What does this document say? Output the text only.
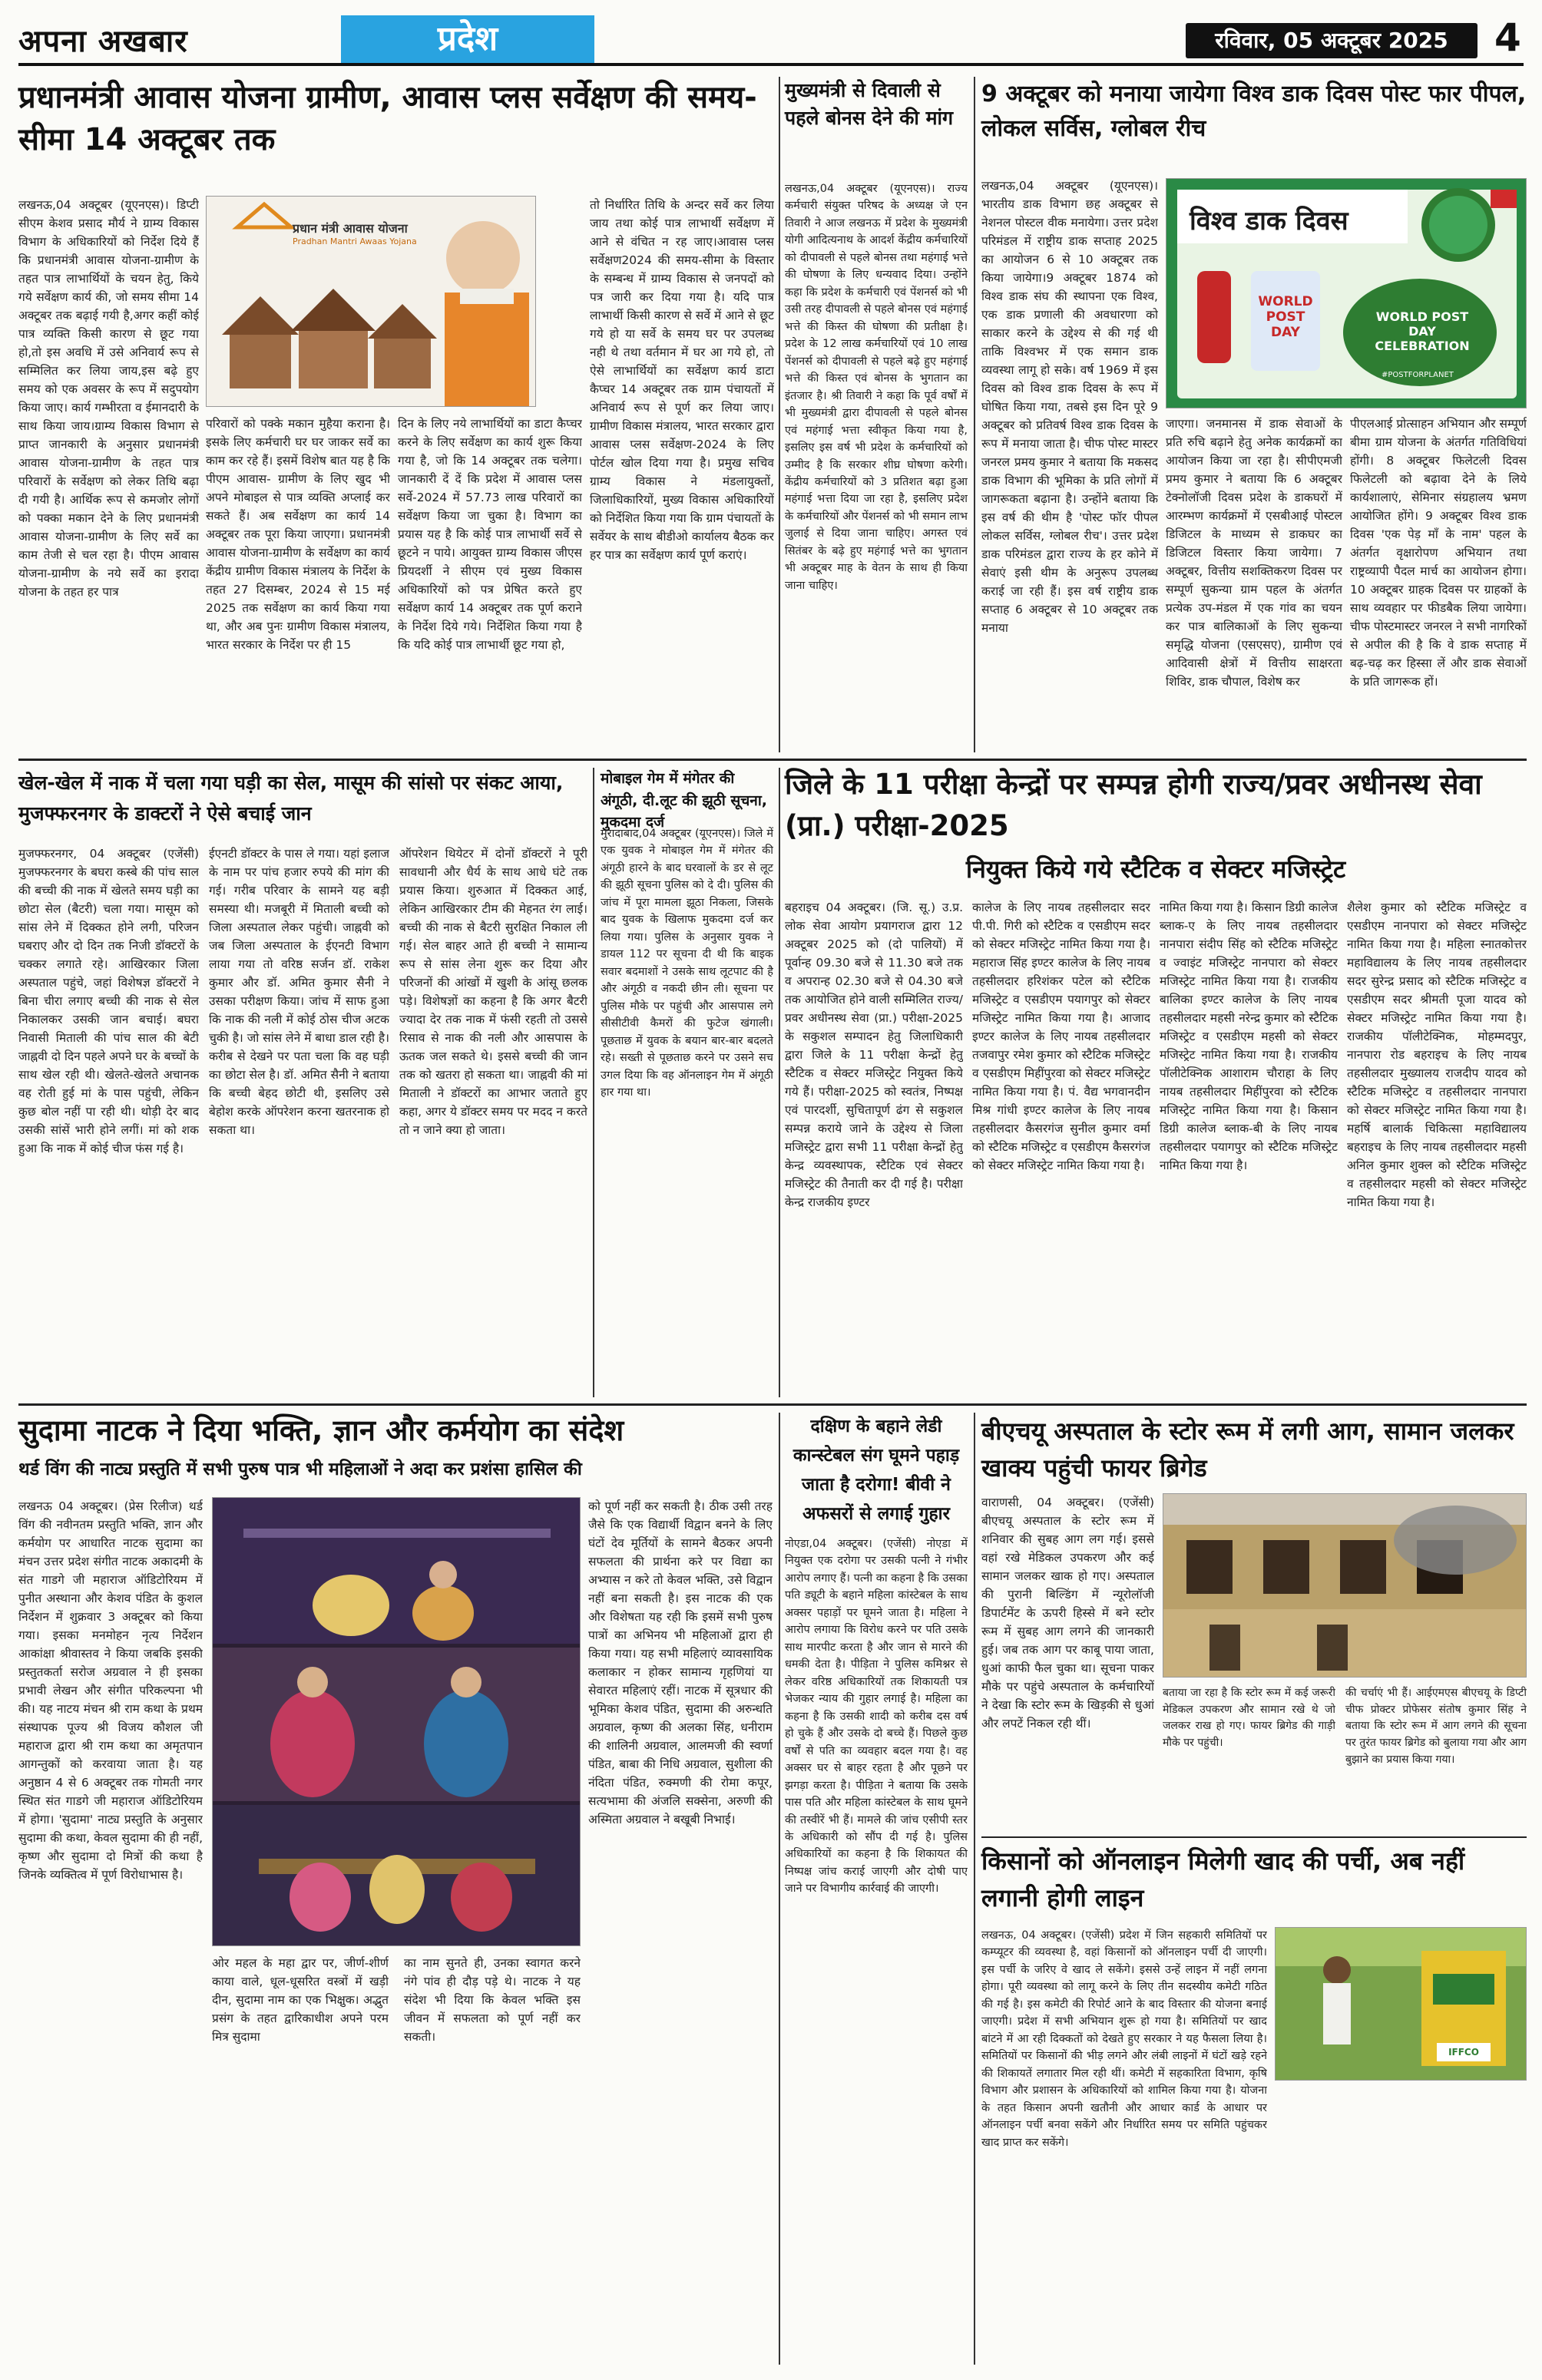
अपना अखबार	प्रदेश	रविवार, 05 अक्टूबर 2025	4
प्रधानमंत्री आवास योजना ग्रामीण, आवास प्लस सर्वेक्षण की समय-सीमा 14 अक्टूबर तक
प्रधान मंत्री आवास योजना
Pradhan Mantri Awaas Yojana
लखनऊ,04 अक्टूबर (यूएनएस)। डिप्टी सीएम केशव प्रसाद मौर्य ने ग्राम्य विकास विभाग के अधिकारियों को निर्देश दिये हैं कि प्रधानमंत्री आवास योजना-ग्रामीण के तहत पात्र लाभार्थियों के चयन हेतु, किये गये सर्वेक्षण कार्य की, जो समय सीमा 14 अक्टूबर तक बढ़ाई गयी है,अगर कहीं कोई पात्र व्यक्ति किसी कारण से छूट गया हो,तो इस अवधि में उसे अनिवार्य रूप से सम्मिलित कर लिया जाय,इस बढ़े हुए समय को एक अवसर के रूप में सदुपयोग किया जाए। कार्य गम्भीरता व ईमानदारी के साथ किया जाय।ग्राम्य विकास विभाग से प्राप्त जानकारी के अनुसार प्रधानमंत्री आवास योजना-ग्रामीण के तहत पात्र परिवारों के सर्वेक्षण को लेकर तिथि बढ़ा दी गयी है। आर्थिक रूप से कमजोर लोगों को पक्का मकान देने के लिए प्रधानमंत्री आवास योजना-ग्रामीण के लिए सर्वे का काम तेजी से चल रहा है। पीएम आवास योजना-ग्रामीण के नये सर्वे का इरादा योजना के तहत हर पात्र
परिवारों को पक्के मकान मुहैया कराना है। इसके लिए कर्मचारी घर घर जाकर सर्वे का काम कर रहे हैं। इसमें विशेष बात यह है कि पीएम आवास- ग्रामीण के लिए खुद भी अपने मोबाइल से पात्र व्यक्ति अप्लाई कर सकते हैं। अब सर्वेक्षण का कार्य 14 अक्टूबर तक पूरा किया जाएगा। प्रधानमंत्री आवास योजना-ग्रामीण के सर्वेक्षण का कार्य केंद्रीय ग्रामीण विकास मंत्रालय के निर्देश के तहत 27 दिसम्बर, 2024 से 15 मई 2025 तक सर्वेक्षण का कार्य किया गया था, और अब पुनः ग्रामीण विकास मंत्रालय, भारत सरकार के निर्देश पर ही 15
दिन के लिए नये लाभार्थियों का डाटा कैप्चर करने के लिए सर्वेक्षण का कार्य शुरू किया गया है, जो कि 14 अक्टूबर तक चलेगा। जानकारी दें दें कि प्रदेश में आवास प्लस सर्वे-2024 में 57.73 लाख परिवारों का सर्वेक्षण किया जा चुका है। विभाग का प्रयास यह है कि कोई पात्र लाभार्थी सर्वे से छूटने न पाये। आयुक्त ग्राम्य विकास जीएस प्रियदर्शी ने सीएम एवं मुख्य विकास अधिकारियों को पत्र प्रेषित करते हुए सर्वेक्षण कार्य 14 अक्टूबर तक पूर्ण कराने के निर्देश दिये गये। निर्देशित किया गया है कि यदि कोई पात्र लाभार्थी छूट गया हो,
तो निर्धारित तिथि के अन्दर सर्वे कर लिया जाय तथा कोई पात्र लाभार्थी सर्वेक्षण में आने से वंचित न रह जाए।आवास प्लस सर्वेक्षण2024 की समय-सीमा के विस्तार के सम्बन्ध में ग्राम्य विकास से जनपदों को पत्र जारी कर दिया गया है। यदि पात्र लाभार्थी किसी कारण से सर्वे में आने से छूट गये हो या सर्वे के समय घर पर उपलब्ध नही थे तथा वर्तमान में घर आ गये हो, तो ऐसे लाभार्थियों का सर्वेक्षण कार्य डाटा कैप्चर 14 अक्टूबर तक ग्राम पंचायतों में अनिवार्य रूप से पूर्ण कर लिया जाए। ग्रामीण विकास मंत्रालय, भारत सरकार द्वारा आवास प्लस सर्वेक्षण-2024 के लिए पोर्टल खोल दिया गया है। प्रमुख सचिव ग्राम्य विकास ने मंडलायुक्तों, जिलाधिकारियों, मुख्य विकास अधिकारियों को निर्देशित किया गया कि ग्राम पंचायतों के सर्वेयर के साथ बीडीओ कार्यालय बैठक कर हर पात्र का सर्वेक्षण कार्य पूर्ण कराएं।
मुख्यमंत्री से दिवाली से पहले बोनस देने की मांग
लखनऊ,04 अक्टूबर (यूएनएस)। राज्य कर्मचारी संयुक्त परिषद के अध्यक्ष जे एन तिवारी ने आज लखनऊ में प्रदेश के मुख्यमंत्री योगी आदित्यनाथ के आदर्श केंद्रीय कर्मचारियों को दीपावली से पहले बोनस तथा महंगाई भत्ते की घोषणा के लिए धन्यवाद दिया। उन्होंने कहा कि प्रदेश के कर्मचारी एवं पेंशनर्स को भी उसी तरह दीपावली से पहले बोनस एवं महंगाई भत्ते की किस्त की घोषणा की प्रतीक्षा है। प्रदेश के 12 लाख कर्मचारियों एवं 10 लाख पेंशनर्स को दीपावली से पहले बढ़े हुए महंगाई भत्ते की किस्त एवं बोनस के भुगतान का इंतजार है। श्री तिवारी ने कहा कि पूर्व वर्षों में भी मुख्यमंत्री द्वारा दीपावली से पहले बोनस एवं महंगाई भत्ता स्वीकृत किया गया है, इसलिए इस वर्ष भी प्रदेश के कर्मचारियों को उम्मीद है कि सरकार शीघ्र घोषणा करेगी। केंद्रीय कर्मचारियों को 3 प्रतिशत बढ़ा हुआ महंगाई भत्ता दिया जा रहा है, इसलिए प्रदेश के कर्मचारियों और पेंशनर्स को भी समान लाभ जुलाई से दिया जाना चाहिए। अगस्त एवं सितंबर के बढ़े हुए महंगाई भत्ते का भुगतान भी अक्टूबर माह के वेतन के साथ ही किया जाना चाहिए।
9 अक्टूबर को मनाया जायेगा विश्व डाक दिवस पोस्ट फार पीपल, लोकल सर्विस, ग्लोबल रीच
लखनऊ,04 अक्टूबर (यूएनएस)। भारतीय डाक विभाग छह अक्टूबर से नेशनल पोस्टल वीक मनायेगा। उत्तर प्रदेश परिमंडल में राष्ट्रीय डाक सप्ताह 2025 का आयोजन 6 से 10 अक्टूबर तक किया जायेगा।9 अक्टूबर 1874 को विश्व डाक संघ की स्थापना एक विश्व, एक डाक प्रणाली की अवधारणा को साकार करने के उद्देश्य से की गई थी ताकि विश्वभर में एक समान डाक व्यवस्था लागू हो सके। वर्ष 1969 में इस दिवस को विश्व डाक दिवस के रूप में घोषित किया गया, तबसे इस दिन पूरे 9 अक्टूबर को प्रतिवर्ष विश्व डाक दिवस के रूप में मनाया जाता है। चीफ पोस्ट मास्टर जनरल प्रमय कुमार ने बताया कि मकसद डाक विभाग की भूमिका के प्रति लोगों में जागरूकता बढ़ाना है। उन्होंने बताया कि इस वर्ष की थीम है 'पोस्ट फॉर पीपल लोकल सर्विस, ग्लोबल रीच'। उत्तर प्रदेश डाक परिमंडल द्वारा राज्य के हर कोने में सेवाएं इसी थीम के अनुरूप उपलब्ध कराई जा रही हैं। इस वर्ष राष्ट्रीय डाक सप्ताह 6 अक्टूबर से 10 अक्टूबर तक मनाया
विश्व डाक दिवस
WORLD POST DAY
WORLD POST DAY CELEBRATION
#POSTFORPLANET
जाएगा। जनमानस में डाक सेवाओं के प्रति रुचि बढ़ाने हेतु अनेक कार्यक्रमों का आयोजन किया जा रहा है। सीपीएमजी प्रमय कुमार ने बताया कि 6 अक्टूबर टेक्नोलॉजी दिवस प्रदेश के डाकघरों में आरम्भण कार्यक्रमों में एसबीआई पोस्टल डिजिटल के माध्यम से डाकघर का डिजिटल विस्तार किया जायेगा। 7 अक्टूबर, वित्तीय सशक्तिकरण दिवस पर सम्पूर्ण सुकन्या ग्राम पहल के अंतर्गत प्रत्येक उप-मंडल में एक गांव का चयन कर पात्र बालिकाओं के लिए सुकन्या समृद्धि योजना (एसएसए), ग्रामीण एवं आदिवासी क्षेत्रों में वित्तीय साक्षरता शिविर, डाक चौपाल, विशेष कर
पीएलआई प्रोत्साहन अभियान और सम्पूर्ण बीमा ग्राम योजना के अंतर्गत गतिविधियां होंगी। 8 अक्टूबर फिलेटली दिवस फिलेटली को बढ़ावा देने के लिये कार्यशालाएं, सेमिनार संग्रहालय भ्रमण आयोजित होंगे। 9 अक्टूबर विश्व डाक दिवस 'एक पेड़ माँ के नाम' पहल के अंतर्गत वृक्षारोपण अभियान तथा राष्ट्रव्यापी पैदल मार्च का आयोजन होगा। 10 अक्टूबर ग्राहक दिवस पर ग्राहकों के साथ व्यवहार पर फीडबैक लिया जायेगा। चीफ पोस्टमास्टर जनरल ने सभी नागरिकों से अपील की है कि वे डाक सप्ताह में बढ़-चढ़ कर हिस्सा लें और डाक सेवाओं के प्रति जागरूक हों।
खेल-खेल में नाक में चला गया घड़ी का सेल, मासूम की सांसो पर संकट आया, मुजफ्फरनगर के डाक्टरों ने ऐसे बचाई जान
मुजफ्फरनगर, 04 अक्टूबर (एजेंसी) मुजफ्फरनगर के बघरा कस्बे की पांच साल की बच्ची की नाक में खेलते समय घड़ी का छोटा सेल (बैटरी) चला गया। मासूम को सांस लेने में दिक्कत होने लगी, परिजन घबराए और दो दिन तक निजी डॉक्टरों के चक्कर लगाते रहे। आखिरकार जिला अस्पताल पहुंचे, जहां विशेषज्ञ डॉक्टरों ने बिना चीरा लगाए बच्ची की नाक से सेल निकालकर उसकी जान बचाई। बघरा निवासी मिताली की पांच साल की बेटी जाह्नवी दो दिन पहले अपने घर के बच्चों के साथ खेल रही थी। खेलते-खेलते अचानक वह रोती हुई मां के पास पहुंची, लेकिन कुछ बोल नहीं पा रही थी। थोड़ी देर बाद उसकी सांसें भारी होने लगीं। मां को शक हुआ कि नाक में कोई चीज फंस गई है।
ईएनटी डॉक्टर के पास ले गया। यहां इलाज के नाम पर पांच हजार रुपये की मांग की गई। गरीब परिवार के सामने यह बड़ी समस्या थी। मजबूरी में मिताली बच्ची को जिला अस्पताल लेकर पहुंची। जाह्नवी को जब जिला अस्पताल के ईएनटी विभाग लाया गया तो वरिष्ठ सर्जन डॉ. राकेश कुमार और डॉ. अमित कुमार सैनी ने उसका परीक्षण किया। जांच में साफ हुआ कि नाक की नली में कोई ठोस चीज अटक चुकी है। जो सांस लेने में बाधा डाल रही है। करीब से देखने पर पता चला कि वह घड़ी का छोटा सेल है। डॉ. अमित सैनी ने बताया कि बच्ची बेहद छोटी थी, इसलिए उसे बेहोश करके ऑपरेशन करना खतरनाक हो सकता था।
ऑपरेशन थियेटर में दोनों डॉक्टरों ने पूरी सावधानी और धैर्य के साथ आधे घंटे तक प्रयास किया। शुरुआत में दिक्कत आई, लेकिन आखिरकार टीम की मेहनत रंग लाई। बच्ची की नाक से बैटरी सुरक्षित निकाल ली गई। सेल बाहर आते ही बच्ची ने सामान्य रूप से सांस लेना शुरू कर दिया और परिजनों की आंखों में खुशी के आंसू छलक पड़े। विशेषज्ञों का कहना है कि अगर बैटरी ज्यादा देर तक नाक में फंसी रहती तो उससे रिसाव से नाक की नली और आसपास के ऊतक जल सकते थे। इससे बच्ची की जान तक को खतरा हो सकता था। जाह्नवी की मां मिताली ने डॉक्टरों का आभार जताते हुए कहा, अगर ये डॉक्टर समय पर मदद न करते तो न जाने क्या हो जाता।
मोबाइल गेम में मंगेतर की अंगूठी, दी.लूट की झूठी सूचना, मुकदमा दर्ज
मुरादाबाद,04 अक्टूबर (यूएनएस)। जिले में एक युवक ने मोबाइल गेम में मंगेतर की अंगूठी हारने के बाद घरवालों के डर से लूट की झूठी सूचना पुलिस को दे दी। पुलिस की जांच में पूरा मामला झूठा निकला, जिसके बाद युवक के खिलाफ मुकदमा दर्ज कर लिया गया। पुलिस के अनुसार युवक ने डायल 112 पर सूचना दी थी कि बाइक सवार बदमाशों ने उसके साथ लूटपाट की है और अंगूठी व नकदी छीन ली। सूचना पर पुलिस मौके पर पहुंची और आसपास लगे सीसीटीवी कैमरों की फुटेज खंगाली। पूछताछ में युवक के बयान बार-बार बदलते रहे। सख्ती से पूछताछ करने पर उसने सच उगल दिया कि वह ऑनलाइन गेम में अंगूठी हार गया था।
जिले के 11 परीक्षा केन्द्रों पर सम्पन्न होगी राज्य/प्रवर अधीनस्थ सेवा (प्रा.) परीक्षा-2025
नियुक्त किये गये स्टैटिक व सेक्टर मजिस्ट्रेट
बहराइच 04 अक्टूबर। (जि. सू.) उ.प्र. लोक सेवा आयोग प्रयागराज द्वारा 12 अक्टूबर 2025 को (दो पालियों) में पूर्वान्ह 09.30 बजे से 11.30 बजे तक व अपरान्ह 02.30 बजे से 04.30 बजे तक आयोजित होने वाली सम्मिलित राज्य/प्रवर अधीनस्थ सेवा (प्रा.) परीक्षा-2025 के सकुशल सम्पादन हेतु जिलाधिकारी द्वारा जिले के 11 परीक्षा केन्द्रों हेतु स्टैटिक व सेक्टर मजिस्ट्रेट नियुक्त किये गये हैं। परीक्षा-2025 को स्वतंत्र, निष्पक्ष एवं पारदर्शी, सुचितापूर्ण ढंग से सकुशल सम्पन्न कराये जाने के उद्देश्य से जिला मजिस्ट्रेट द्वारा सभी 11 परीक्षा केन्द्रों हेतु केन्द्र व्यवस्थापक, स्टैटिक एवं सेक्टर मजिस्ट्रेट की तैनाती कर दी गई है। परीक्षा केन्द्र राजकीय इण्टर
कालेज के लिए नायब तहसीलदार सदर पी.पी. गिरी को स्टैटिक व एसडीएम सदर को सेक्टर मजिस्ट्रेट नामित किया गया है। महाराज सिंह इण्टर कालेज के लिए नायब तहसीलदार हरिशंकर पटेल को स्टैटिक मजिस्ट्रेट व एसडीएम पयागपुर को सेक्टर मजिस्ट्रेट नामित किया गया है। आजाद इण्टर कालेज के लिए नायब तहसीलदार तजवापुर रमेश कुमार को स्टैटिक मजिस्ट्रेट व एसडीएम मिहींपुरवा को सेक्टर मजिस्ट्रेट नामित किया गया है। पं. वैद्य भगवानदीन मिश्र गांधी इण्टर कालेज के लिए नायब तहसीलदार कैसरगंज सुनील कुमार वर्मा को स्टैटिक मजिस्ट्रेट व एसडीएम कैसरगंज को सेक्टर मजिस्ट्रेट नामित किया गया है।
नामित किया गया है। किसान डिग्री कालेज ब्लाक-ए के लिए नायब तहसीलदार नानपारा संदीप सिंह को स्टैटिक मजिस्ट्रेट व ज्वाइंट मजिस्ट्रेट नानपारा को सेक्टर मजिस्ट्रेट नामित किया गया है। राजकीय बालिका इण्टर कालेज के लिए नायब तहसीलदार महसी नरेन्द्र कुमार को स्टैटिक मजिस्ट्रेट व एसडीएम महसी को सेक्टर मजिस्ट्रेट नामित किया गया है। राजकीय पॉलीटेक्निक आशाराम चौराहा के लिए नायब तहसीलदार मिहींपुरवा को स्टैटिक मजिस्ट्रेट नामित किया गया है। किसान डिग्री कालेज ब्लाक-बी के लिए नायब तहसीलदार पयागपुर को स्टैटिक मजिस्ट्रेट नामित किया गया है।
शैलेश कुमार को स्टैटिक मजिस्ट्रेट व एसडीएम नानपारा को सेक्टर मजिस्ट्रेट नामित किया गया है। महिला स्नातकोत्तर महाविद्यालय के लिए नायब तहसीलदार सदर सुरेन्द्र प्रसाद को स्टैटिक मजिस्ट्रेट व एसडीएम सदर श्रीमती पूजा यादव को सेक्टर मजिस्ट्रेट नामित किया गया है। राजकीय पॉलीटेक्निक, मोहम्मदपुर, नानपारा रोड बहराइच के लिए नायब तहसीलदार मुख्यालय राजदीप यादव को स्टैटिक मजिस्ट्रेट व तहसीलदार नानपारा को सेक्टर मजिस्ट्रेट नामित किया गया है। महर्षि बालार्क चिकित्सा महाविद्यालय बहराइच के लिए नायब तहसीलदार महसी अनिल कुमार शुक्ल को स्टैटिक मजिस्ट्रेट व तहसीलदार महसी को सेक्टर मजिस्ट्रेट नामित किया गया है।
सुदामा नाटक ने दिया भक्ति, ज्ञान और कर्मयोग का संदेश
थर्ड विंग की नाट्य प्रस्तुति में सभी पुरुष पात्र भी महिलाओं ने अदा कर प्रशंसा हासिल की
लखनऊ 04 अक्टूबर। (प्रेस रिलीज) थर्ड विंग की नवीनतम प्रस्तुति भक्ति, ज्ञान और कर्मयोग पर आधारित नाटक सुदामा का मंचन उत्तर प्रदेश संगीत नाटक अकादमी के संत गाडगे जी महाराज ऑडिटोरियम में पुनीत अस्थाना और केशव पंडित के कुशल निर्देशन में शुक्रवार 3 अक्टूबर को किया गया। इसका मनमोहन नृत्य निर्देशन आकांक्षा श्रीवास्तव ने किया जबकि इसकी प्रस्तुतकर्ता सरोज अग्रवाल ने ही इसका प्रभावी लेखन और संगीत परिकल्पना भी की। यह नाटय मंचन श्री राम कथा के प्रथम संस्थापक पूज्य श्री विजय कौशल जी महाराज द्वारा श्री राम कथा का अमृतपान आगन्तुकों को करवाया जाता है। यह अनुष्ठान 4 से 6 अक्टूबर तक गोमती नगर स्थित संत गाडगे जी महाराज ऑडिटोरियम में होगा। 'सुदामा' नाट्य प्रस्तुति के अनुसार सुदामा की कथा, केवल सुदामा की ही नहीं, कृष्ण और सुदामा दो मित्रों की कथा है जिनके व्यक्तित्व में पूर्ण विरोधाभास है।
ओर महल के महा द्वार पर, जीर्ण-शीर्ण काया वाले, धूल-धूसरित वस्त्रों में खड़ी दीन, सुदामा नाम का एक भिक्षुक। अद्भुत प्रसंग के तहत द्वारिकाधीश अपने परम मित्र सुदामा
का नाम सुनते ही, उनका स्वागत करने नंगे पांव ही दौड़ पड़े थे। नाटक ने यह संदेश भी दिया कि केवल भक्ति इस जीवन में सफलता को पूर्ण नहीं कर सकती।
को पूर्ण नहीं कर सकती है। ठीक उसी तरह जैसे कि एक विद्यार्थी विद्वान बनने के लिए घंटों देव मूर्तियों के सामने बैठकर अपनी सफलता की प्रार्थना करे पर विद्या का अभ्यास न करे तो केवल भक्ति, उसे विद्वान नहीं बना सकती है। इस नाटक की एक और विशेषता यह रही कि इसमें सभी पुरुष पात्रों का अभिनय भी महिलाओं द्वारा ही किया गया। यह सभी महिलाएं व्यावसायिक कलाकार न होकर सामान्य गृहणियां या सेवारत महिलाएं रहीं। नाटक में सूत्रधार की भूमिका केशव पंडित, सुदामा की अरुन्धति अग्रवाल, कृष्ण की अलका सिंह, धनीराम की शालिनी अग्रवाल, आलमजी की स्वर्णा पंडित, बाबा की निधि अग्रवाल, सुशीला की नंदिता पंडित, रुक्मणी की रोमा कपूर, सत्यभामा की अंजलि सक्सेना, अरुणी की अस्मिता अग्रवाल ने बखूबी निभाई।
दक्षिण के बहाने लेडी कान्स्टेबल संग घूमने पहाड़ जाता है दरोगा! बीवी ने अफसरों से लगाई गुहार
नोएडा,04 अक्टूबर। (एजेंसी) नोएडा में नियुक्त एक दरोगा पर उसकी पत्नी ने गंभीर आरोप लगाए हैं। पत्नी का कहना है कि उसका पति ड्यूटी के बहाने महिला कांस्टेबल के साथ अक्सर पहाड़ों पर घूमने जाता है। महिला ने आरोप लगाया कि विरोध करने पर पति उसके साथ मारपीट करता है और जान से मारने की धमकी देता है। पीड़िता ने पुलिस कमिश्नर से लेकर वरिष्ठ अधिकारियों तक शिकायती पत्र भेजकर न्याय की गुहार लगाई है। महिला का कहना है कि उसकी शादी को करीब दस वर्ष हो चुके हैं और उसके दो बच्चे हैं। पिछले कुछ वर्षों से पति का व्यवहार बदल गया है। वह अक्सर घर से बाहर रहता है और पूछने पर झगड़ा करता है। पीड़िता ने बताया कि उसके पास पति और महिला कांस्टेबल के साथ घूमने की तस्वीरें भी हैं। मामले की जांच एसीपी स्तर के अधिकारी को सौंप दी गई है। पुलिस अधिकारियों का कहना है कि शिकायत की निष्पक्ष जांच कराई जाएगी और दोषी पाए जाने पर विभागीय कार्रवाई की जाएगी।
बीएचयू अस्पताल के स्टोर रूम में लगी आग, सामान जलकर खाक्य पहुंची फायर ब्रिगेड
वाराणसी, 04 अक्टूबर। (एजेंसी) बीएचयू अस्पताल के स्टोर रूम में शनिवार की सुबह आग लग गई। इससे वहां रखे मेडिकल उपकरण और कई सामान जलकर खाक हो गए। अस्पताल की पुरानी बिल्डिंग में न्यूरोलॉजी डिपार्टमेंट के ऊपरी हिस्से में बने स्टोर रूम में सुबह आग लगने की जानकारी हुई। जब तक आग पर काबू पाया जाता, धुआं काफी फैल चुका था। सूचना पाकर मौके पर पहुंचे अस्पताल के कर्मचारियों ने देखा कि स्टोर रूम के खिड़की से धुआं और लपटें निकल रही थीं।
बताया जा रहा है कि स्टोर रूम में कई जरूरी मेडिकल उपकरण और सामान रखे थे जो जलकर राख हो गए। फायर ब्रिगेड की गाड़ी मौके पर पहुंची।
की चर्चाएं भी हैं। आईएमएस बीएचयू के डिप्टी चीफ प्रोक्टर प्रोफेसर संतोष कुमार सिंह ने बताया कि स्टोर रूम में आग लगने की सूचना पर तुरंत फायर ब्रिगेड को बुलाया गया और आग बुझाने का प्रयास किया गया।
किसानों को ऑनलाइन मिलेगी खाद की पर्ची, अब नहीं लगानी होगी लाइन
IFFCO
लखनऊ, 04 अक्टूबर। (एजेंसी) प्रदेश में जिन सहकारी समितियों पर कम्प्यूटर की व्यवस्था है, वहां किसानों को ऑनलाइन पर्ची दी जाएगी। इस पर्ची के जरिए वे खाद ले सकेंगे। इससे उन्हें लाइन में नहीं लगना होगा। पूरी व्यवस्था को लागू करने के लिए तीन सदस्यीय कमेटी गठित की गई है। इस कमेटी की रिपोर्ट आने के बाद विस्तार की योजना बनाई जाएगी। प्रदेश में सभी अभियान शुरू हो गया है। समितियों पर खाद बांटने में आ रही दिक्कतों को देखते हुए सरकार ने यह फैसला लिया है। समितियों पर किसानों की भीड़ लगने और लंबी लाइनों में घंटों खड़े रहने की शिकायतें लगातार मिल रही थीं। कमेटी में सहकारिता विभाग, कृषि विभाग और प्रशासन के अधिकारियों को शामिल किया गया है। योजना के तहत किसान अपनी खतौनी और आधार कार्ड के आधार पर ऑनलाइन पर्ची बनवा सकेंगे और निर्धारित समय पर समिति पहुंचकर खाद प्राप्त कर सकेंगे।
